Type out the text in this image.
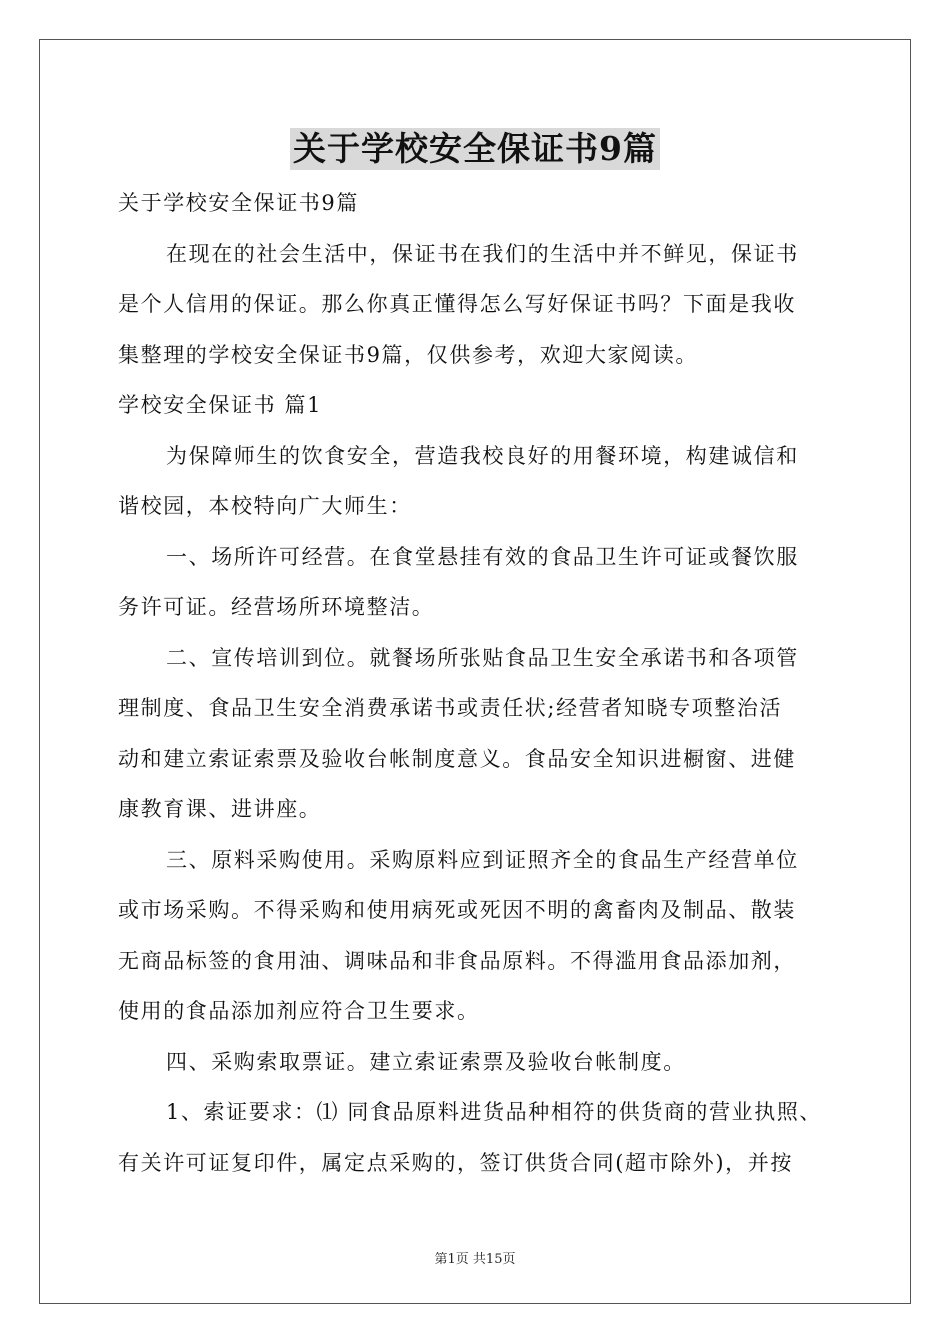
关于学校安全保证书9篇
关于学校安全保证书9篇
在现在的社会生活中，保证书在我们的生活中并不鲜见，保证书
是个人信用的保证。那么你真正懂得怎么写好保证书吗？下面是我收
集整理的学校安全保证书9篇，仅供参考，欢迎大家阅读。
学校安全保证书 篇1
为保障师生的饮食安全，营造我校良好的用餐环境，构建诚信和
谐校园，本校特向广大师生：
一、场所许可经营。在食堂悬挂有效的食品卫生许可证或餐饮服
务许可证。经营场所环境整洁。
二、宣传培训到位。就餐场所张贴食品卫生安全承诺书和各项管
理制度、食品卫生安全消费承诺书或责任状;经营者知晓专项整治活
动和建立索证索票及验收台帐制度意义。食品安全知识进橱窗、进健
康教育课、进讲座。
三、原料采购使用。采购原料应到证照齐全的食品生产经营单位
或市场采购。不得采购和使用病死或死因不明的禽畜肉及制品、散装
无商品标签的食用油、调味品和非食品原料。不得滥用食品添加剂，
使用的食品添加剂应符合卫生要求。
四、采购索取票证。建立索证索票及验收台帐制度。
1、索证要求：⑴ 同食品原料进货品种相符的供货商的营业执照、
有关许可证复印件，属定点采购的，签订供货合同(超市除外)，并按
第1页 共15页
